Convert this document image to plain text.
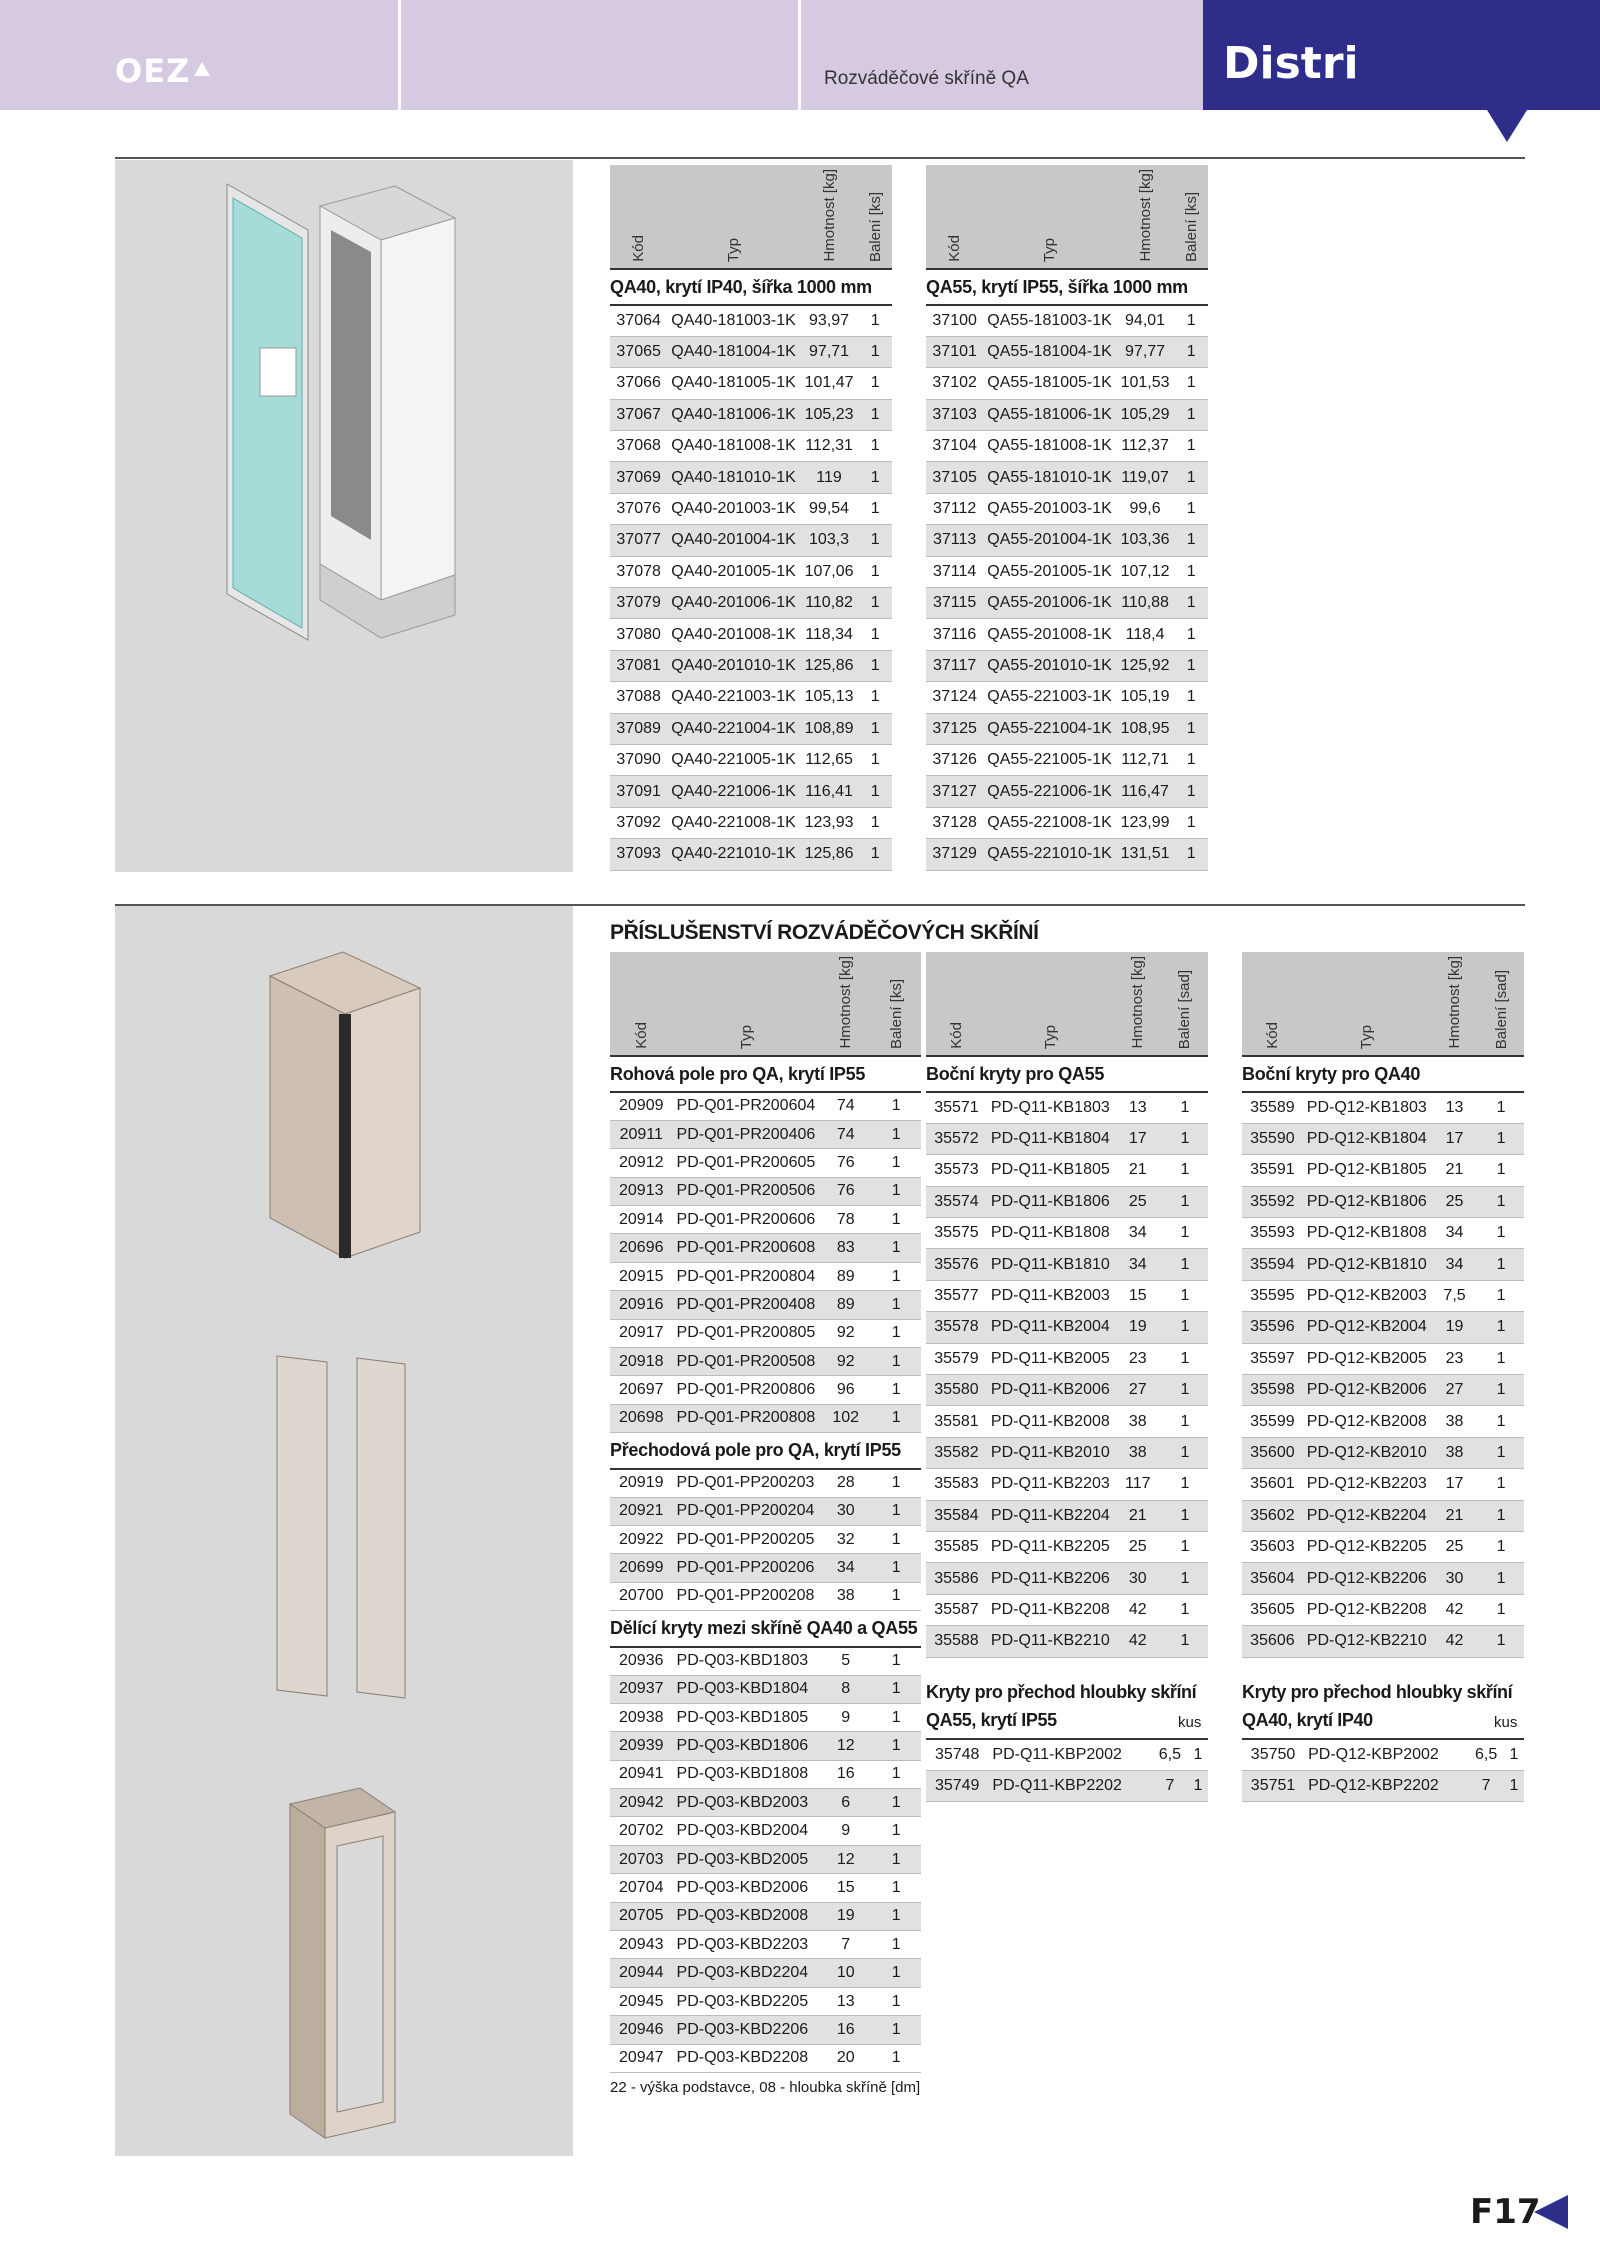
OEZ	Rozváděčové skříně QA	Distri
Kód	Typ	Hmotnost [kg]	Balení [ks]

QA40, krytí IP40, šířka 1000 mm			
37064	QA40-181003-1K	93,97	1
37065	QA40-181004-1K	97,71	1
37066	QA40-181005-1K	101,47	1
37067	QA40-181006-1K	105,23	1
37068	QA40-181008-1K	112,31	1
37069	QA40-181010-1K	119	1
37076	QA40-201003-1K	99,54	1
37077	QA40-201004-1K	103,3	1
37078	QA40-201005-1K	107,06	1
37079	QA40-201006-1K	110,82	1
37080	QA40-201008-1K	118,34	1
37081	QA40-201010-1K	125,86	1
37088	QA40-221003-1K	105,13	1
37089	QA40-221004-1K	108,89	1
37090	QA40-221005-1K	112,65	1
37091	QA40-221006-1K	116,41	1
37092	QA40-221008-1K	123,93	1
37093	QA40-221010-1K	125,86	1
Kód	Typ	Hmotnost [kg]	Balení [ks]

QA55, krytí IP55, šířka 1000 mm			
37100	QA55-181003-1K	94,01	1
37101	QA55-181004-1K	97,77	1
37102	QA55-181005-1K	101,53	1
37103	QA55-181006-1K	105,29	1
37104	QA55-181008-1K	112,37	1
37105	QA55-181010-1K	119,07	1
37112	QA55-201003-1K	99,6	1
37113	QA55-201004-1K	103,36	1
37114	QA55-201005-1K	107,12	1
37115	QA55-201006-1K	110,88	1
37116	QA55-201008-1K	118,4	1
37117	QA55-201010-1K	125,92	1
37124	QA55-221003-1K	105,19	1
37125	QA55-221004-1K	108,95	1
37126	QA55-221005-1K	112,71	1
37127	QA55-221006-1K	116,47	1
37128	QA55-221008-1K	123,99	1
37129	QA55-221010-1K	131,51	1
PŘÍSLUŠENSTVÍ ROZVÁDĚČOVÝCH SKŘÍNÍ
Kód	Typ	Hmotnost [kg]	Balení [ks]

Rohová pole pro QA, krytí IP55			
20909	PD-Q01-PR200604	74	1
20911	PD-Q01-PR200406	74	1
20912	PD-Q01-PR200605	76	1
20913	PD-Q01-PR200506	76	1
20914	PD-Q01-PR200606	78	1
20696	PD-Q01-PR200608	83	1
20915	PD-Q01-PR200804	89	1
20916	PD-Q01-PR200408	89	1
20917	PD-Q01-PR200805	92	1
20918	PD-Q01-PR200508	92	1
20697	PD-Q01-PR200806	96	1
20698	PD-Q01-PR200808	102	1
Přechodová pole pro QA, krytí IP55			
20919	PD-Q01-PP200203	28	1
20921	PD-Q01-PP200204	30	1
20922	PD-Q01-PP200205	32	1
20699	PD-Q01-PP200206	34	1
20700	PD-Q01-PP200208	38	1
Dělící kryty mezi skříně QA40 a QA55			
20936	PD-Q03-KBD1803	5	1
20937	PD-Q03-KBD1804	8	1
20938	PD-Q03-KBD1805	9	1
20939	PD-Q03-KBD1806	12	1
20941	PD-Q03-KBD1808	16	1
20942	PD-Q03-KBD2003	6	1
20702	PD-Q03-KBD2004	9	1
20703	PD-Q03-KBD2005	12	1
20704	PD-Q03-KBD2006	15	1
20705	PD-Q03-KBD2008	19	1
20943	PD-Q03-KBD2203	7	1
20944	PD-Q03-KBD2204	10	1
20945	PD-Q03-KBD2205	13	1
20946	PD-Q03-KBD2206	16	1
20947	PD-Q03-KBD2208	20	1
22 - výška podstavce, 08 - hloubka skříně [dm]
Kód	Typ	Hmotnost [kg]	Balení [sad]

Boční kryty pro QA55			
35571	PD-Q11-KB1803	13	1
35572	PD-Q11-KB1804	17	1
35573	PD-Q11-KB1805	21	1
35574	PD-Q11-KB1806	25	1
35575	PD-Q11-KB1808	34	1
35576	PD-Q11-KB1810	34	1
35577	PD-Q11-KB2003	15	1
35578	PD-Q11-KB2004	19	1
35579	PD-Q11-KB2005	23	1
35580	PD-Q11-KB2006	27	1
35581	PD-Q11-KB2008	38	1
35582	PD-Q11-KB2010	38	1
35583	PD-Q11-KB2203	117	1
35584	PD-Q11-KB2204	21	1
35585	PD-Q11-KB2205	25	1
35586	PD-Q11-KB2206	30	1
35587	PD-Q11-KB2208	42	1
35588	PD-Q11-KB2210	42	1
Kryty pro přechod hloubky skříní
QA55, krytí IP55	kus
35748	PD-Q11-KBP2002	6,5	1
35749	PD-Q11-KBP2202	7	1
Kód	Typ	Hmotnost [kg]	Balení [sad]

Boční kryty pro QA40			
35589	PD-Q12-KB1803	13	1
35590	PD-Q12-KB1804	17	1
35591	PD-Q12-KB1805	21	1
35592	PD-Q12-KB1806	25	1
35593	PD-Q12-KB1808	34	1
35594	PD-Q12-KB1810	34	1
35595	PD-Q12-KB2003	7,5	1
35596	PD-Q12-KB2004	19	1
35597	PD-Q12-KB2005	23	1
35598	PD-Q12-KB2006	27	1
35599	PD-Q12-KB2008	38	1
35600	PD-Q12-KB2010	38	1
35601	PD-Q12-KB2203	17	1
35602	PD-Q12-KB2204	21	1
35603	PD-Q12-KB2205	25	1
35604	PD-Q12-KB2206	30	1
35605	PD-Q12-KB2208	42	1
35606	PD-Q12-KB2210	42	1
Kryty pro přechod hloubky skříní
QA40, krytí IP40	kus
35750	PD-Q12-KBP2002	6,5	1
35751	PD-Q12-KBP2202	7	1
F17
